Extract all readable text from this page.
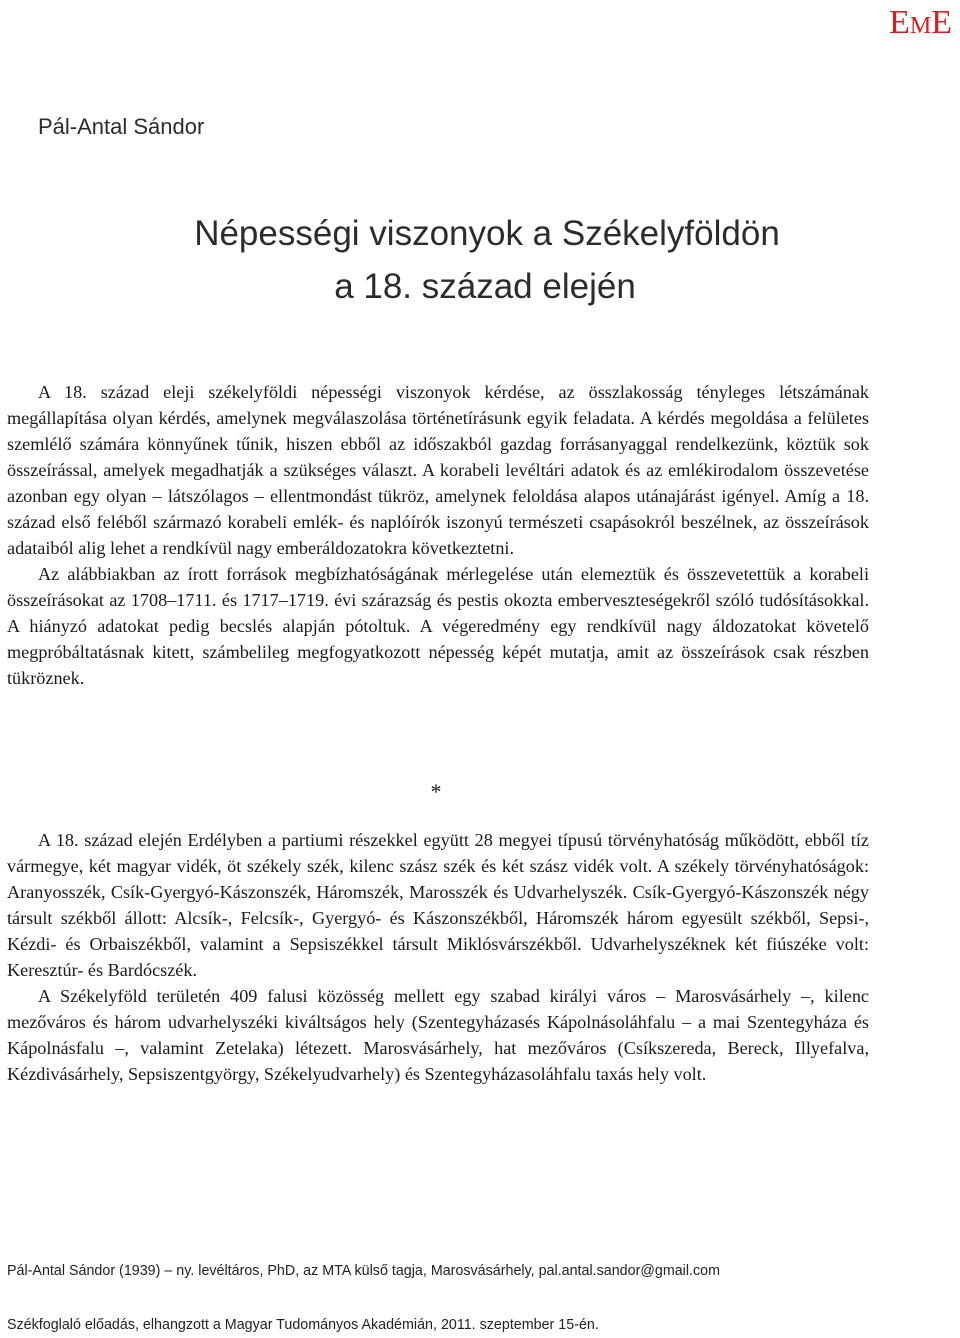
EME
Pál-Antal Sándor
Népességi viszonyok a Székelyföldön
a 18. század elején

A 18. század eleji székelyföldi népességi viszonyok kérdése, az összlakosság tényleges létszámának megállapítása olyan kérdés, amelynek megválaszolása történetírásunk egyik feladata. A kérdés megoldása a felületes szemlélő számára könnyűnek tűnik, hiszen ebből az időszakból gazdag forrásanyaggal rendelkezünk, köztük sok összeírással, amelyek megadhatják a szükséges választ. A korabeli levéltári adatok és az emlékirodalom összevetése azonban egy olyan – látszólagos – ellentmondást tükröz, amelynek feloldása alapos utánajárást igényel. Amíg a 18. század első feléből származó korabeli emlék- és naplóírók iszonyú természeti csapásokról beszélnek, az összeírások adataiból alig lehet a rendkívül nagy emberáldozatokra következtetni.

Az alábbiakban az írott források megbízhatóságának mérlegelése után elemeztük és összevetettük a korabeli összeírásokat az 1708–1711. és 1717–1719. évi szárazság és pestis okozta emberveszteségekről szóló tudósításokkal. A hiányzó adatokat pedig becslés alapján pótoltuk. A végeredmény egy rendkívül nagy áldozatokat követelő megpróbáltatásnak kitett, számbelileg megfogyatkozott népesség képét mutatja, amit az összeírások csak részben tükröznek.

*

A 18. század elején Erdélyben a partiumi részekkel együtt 28 megyei típusú törvényhatóság működött, ebből tíz vármegye, két magyar vidék, öt székely szék, kilenc szász szék és két szász vidék volt. A székely törvényhatóságok: Aranyosszék, Csík-Gyergyó-Kászonszék, Háromszék, Marosszék és Udvarhelyszék. Csík-Gyergyó-Kászonszék négy társult székből állott: Alcsík-, Felcsík-, Gyergyó- és Kászonszékből, Háromszék három egyesült székből, Sepsi-, Kézdi- és Orbaiszékből, valamint a Sepsiszékkel társult Miklósvárszékből. Udvarhelyszéknek két fiúszéke volt: Keresztúr- és Bardócszék.

A Székelyföld területén 409 falusi közösség mellett egy szabad királyi város – Marosvásárhely –, kilenc mezőváros és három udvarhelyszéki kiváltságos hely (Szentegyházasés Kápolnásoláhfalu – a mai Szentegyháza és Kápolnásfalu –, valamint Zetelaka) létezett. Marosvásárhely, hat mezőváros (Csíkszereda, Bereck, Illyefalva, Kézdivásárhely, Sepsiszentgyörgy, Székelyudvarhely) és Szentegyházasoláhfalu taxás hely volt.

Pál-Antal Sándor (1939) – ny. levéltáros, PhD, az MTA külső tagja, Marosvásárhely, pal.antal.sandor@gmail.com
Székfoglaló előadás, elhangzott a Magyar Tudományos Akadémián, 2011. szeptember 15-én.
